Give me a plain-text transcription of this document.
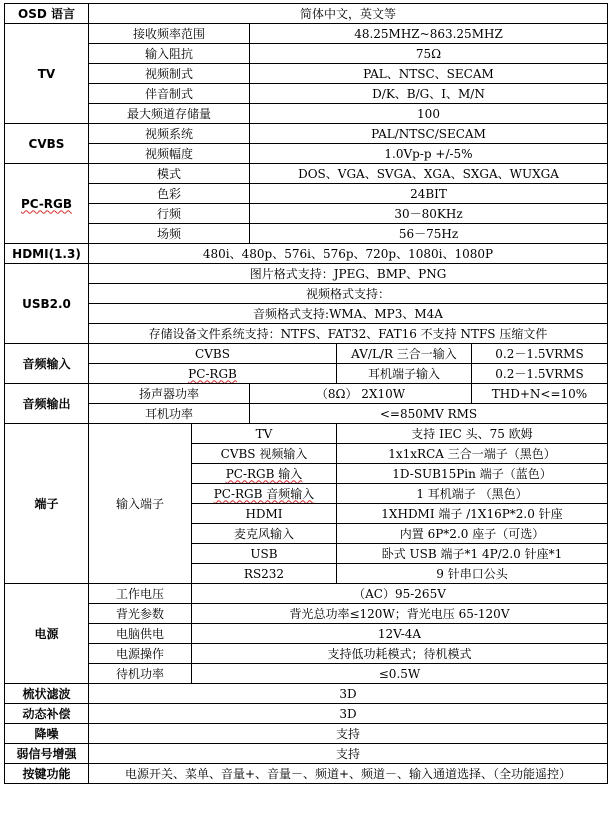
OSD 语言	简体中文，英文等				
TV	接收频率范围		48.25MHZ~863.25MHZ		
	输入阻抗		75Ω		
	视频制式		PAL、NTSC、SECAM		
	伴音制式		D/K、B/G、I、M/N		
	最大频道存储量		100		
CVBS	视频系统		PAL/NTSC/SECAM		
	视频幅度		1.0Vp-p +/-5%		
PC-RGB	模式		DOS、VGA、SVGA、XGA、SXGA、WUXGA		
	色彩		24BIT		
	行频		30－80KHz		
	场频		56－75Hz		
HDMI(1.3)	480i、480p、576i、576p、720p、1080i、1080P				
USB2.0	图片格式支持：JPEG、BMP、PNG				
	视频格式支持：				
	音频格式支持:WMA、MP3、M4A				
	存储设备文件系统支持：NTFS、FAT32、FAT16 不支持 NTFS 压缩文件				
音频输入	CVBS			AV/L/R 三合一输入	0.2－1.5VRMS
	PC-RGB			耳机端子输入	0.2－1.5VRMS
音频输出	扬声器功率		（8Ω） 2X10W		THD+N<=10%
	耳机功率		<=850MV RMS		
端子	输入端子	TV		支持 IEC 头、75 欧姆	
		CVBS 视频输入		1x1xRCA 三合一端子（黑色）	
		PC-RGB 输入		1D-SUB15Pin 端子（蓝色）	
		PC-RGB 音频输入		1 耳机端子 （黑色）	
		HDMI		1XHDMI 端子 /1X16P*2.0 针座	
		麦克风输入		内置 6P*2.0 座子（可选）	
		USB		卧式 USB 端子*1 4P/2.0 针座*1	
		RS232		9 针串口公头	
电源	工作电压	（AC）95-265V			
	背光参数	背光总功率≤120W；背光电压 65-120V			
	电脑供电	12V-4A			
	电源操作	支持低功耗模式；待机模式			
	待机功率	≤0.5W			
梳状滤波	3D				
动态补偿	3D				
降噪	支持				
弱信号增强	支持				
按键功能	电源开关、菜单、音量+、音量－、频道+、频道－、输入通道选择、（全功能遥控）				
